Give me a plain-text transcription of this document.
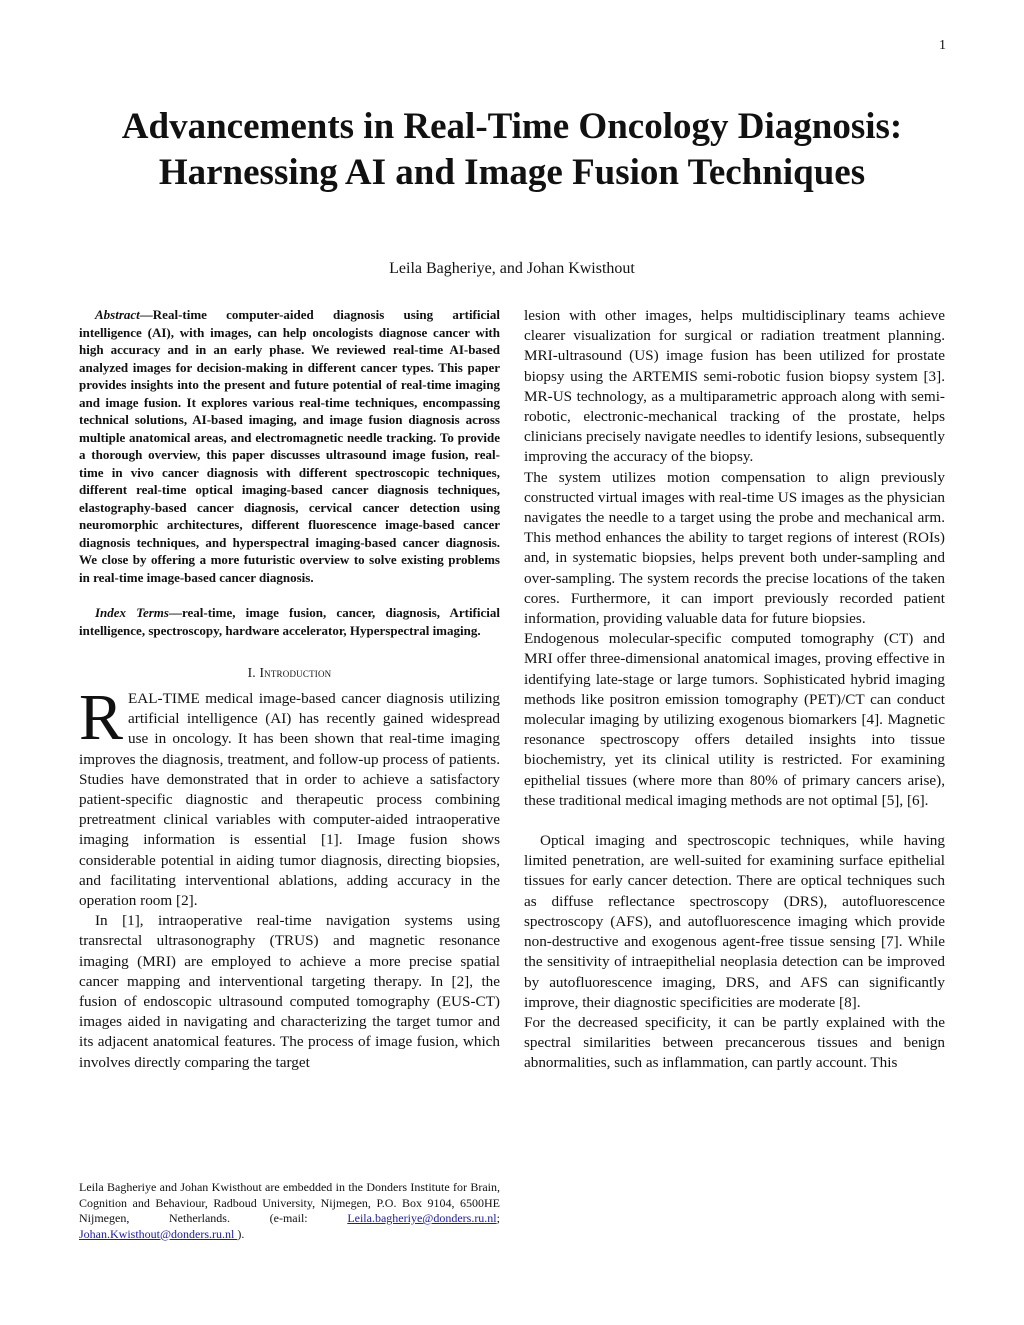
1
Advancements in Real-Time Oncology Diagnosis:
Harnessing AI and Image Fusion Techniques
Leila Bagheriye, and Johan Kwisthout

Abstract—Real-time computer-aided diagnosis using artificial intelligence (AI), with images, can help oncologists diagnose cancer with high accuracy and in an early phase. We reviewed real-time AI-based analyzed images for decision-making in different cancer types. This paper provides insights into the present and future potential of real-time imaging and image fusion. It explores various real-time techniques, encompassing technical solutions, AI-based imaging, and image fusion diagnosis across multiple anatomical areas, and electromagnetic needle tracking. To provide a thorough overview, this paper discusses ultrasound image fusion, real-time in vivo cancer diagnosis with different spectroscopic techniques, different real-time optical imaging-based cancer diagnosis techniques, elastography-based cancer diagnosis, cervical cancer detection using neuromorphic architectures, different fluorescence image-based cancer diagnosis techniques, and hyperspectral imaging-based cancer diagnosis. We close by offering a more futuristic overview to solve existing problems in real-time image-based cancer diagnosis.

Index Terms—real-time, image fusion, cancer, diagnosis, Artificial intelligence, spectroscopy, hardware accelerator, Hyperspectral imaging.

I. Introduction

REAL-TIME medical image-based cancer diagnosis utilizing artificial intelligence (AI) has recently gained widespread use in oncology. It has been shown that real-time imaging improves the diagnosis, treatment, and follow-up process of patients. Studies have demonstrated that in order to achieve a satisfactory patient-specific diagnostic and therapeutic process combining pretreatment clinical variables with computer-aided intraoperative imaging information is essential [1]. Image fusion shows considerable potential in aiding tumor diagnosis, directing biopsies, and facilitating interventional ablations, adding accuracy in the operation room [2].

In [1], intraoperative real-time navigation systems using transrectal ultrasonography (TRUS) and magnetic resonance imaging (MRI) are employed to achieve a more precise spatial cancer mapping and interventional targeting therapy. In [2], the fusion of endoscopic ultrasound computed tomography (EUS-CT) images aided in navigating and characterizing the target tumor and its adjacent anatomical features. The process of image fusion, which involves directly comparing the target

lesion with other images, helps multidisciplinary teams achieve clearer visualization for surgical or radiation treatment planning. MRI-ultrasound (US) image fusion has been utilized for prostate biopsy using the ARTEMIS semi-robotic fusion biopsy system [3]. MR-US technology, as a multiparametric approach along with semi-robotic, electronic-mechanical tracking of the prostate, helps clinicians precisely navigate needles to identify lesions, subsequently improving the accuracy of the biopsy.

The system utilizes motion compensation to align previously constructed virtual images with real-time US images as the physician navigates the needle to a target using the probe and mechanical arm. This method enhances the ability to target regions of interest (ROIs) and, in systematic biopsies, helps prevent both under-sampling and over-sampling. The system records the precise locations of the taken cores. Furthermore, it can import previously recorded patient information, providing valuable data for future biopsies.

Endogenous molecular-specific computed tomography (CT) and MRI offer three-dimensional anatomical images, proving effective in identifying late-stage or large tumors. Sophisticated hybrid imaging methods like positron emission tomography (PET)/CT can conduct molecular imaging by utilizing exogenous biomarkers [4]. Magnetic resonance spectroscopy offers detailed insights into tissue biochemistry, yet its clinical utility is restricted. For examining epithelial tissues (where more than 80% of primary cancers arise), these traditional medical imaging methods are not optimal [5], [6].

Optical imaging and spectroscopic techniques, while having limited penetration, are well-suited for examining surface epithelial tissues for early cancer detection. There are optical techniques such as diffuse reflectance spectroscopy (DRS), autofluorescence spectroscopy (AFS), and autofluorescence imaging which provide non-destructive and exogenous agent-free tissue sensing [7]. While the sensitivity of intraepithelial neoplasia detection can be improved by autofluorescence imaging, DRS, and AFS can significantly improve, their diagnostic specificities are moderate [8].

For the decreased specificity, it can be partly explained with the spectral similarities between precancerous tissues and benign abnormalities, such as inflammation, can partly account. This

Leila Bagheriye and Johan Kwisthout are embedded in the Donders Institute for Brain, Cognition and Behaviour, Radboud University, Nijmegen, P.O. Box 9104, 6500HE Nijmegen, Netherlands. (e-mail: Leila.bagheriye@donders.ru.nl; Johan.Kwisthout@donders.ru.nl ).
